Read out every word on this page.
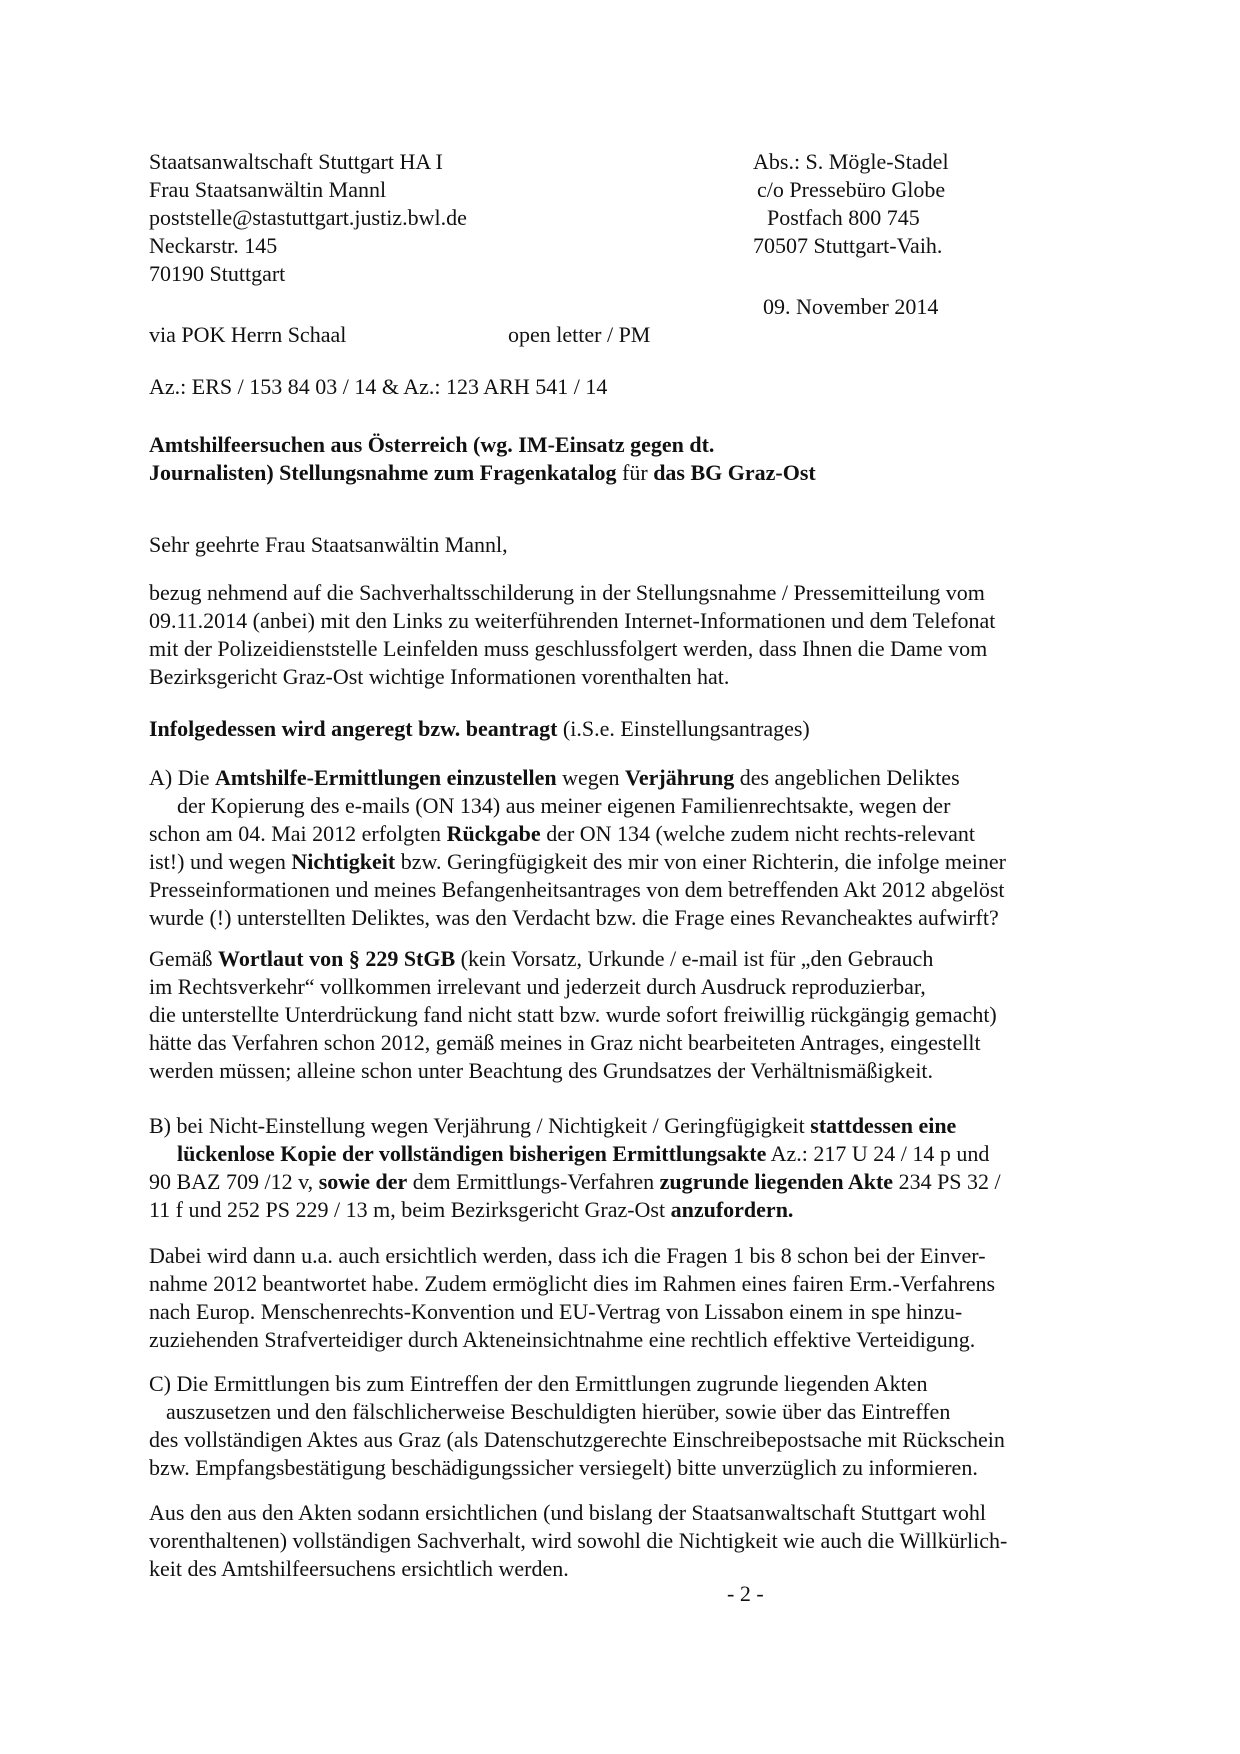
Staatsanwaltschaft Stuttgart HA I
Frau Staatsanwältin Mannl
poststelle@stastuttgart.justiz.bwl.de
Neckarstr. 145
70190 Stuttgart
Abs.: S. Mögle-Stadel
c/o Pressebüro Globe
Postfach 800 745
70507 Stuttgart-Vaih.
09. November 2014
via POK Herrn Schaal	open letter / PM
Az.: ERS / 153 84 03 / 14 & Az.: 123 ARH 541 / 14
Amtshilfeersuchen aus Österreich (wg. IM-Einsatz gegen dt.
Journalisten) Stellungsnahme zum Fragenkatalog für das BG Graz-Ost
Sehr geehrte Frau Staatsanwältin Mannl,
bezug nehmend auf die Sachverhaltsschilderung in der Stellungsnahme / Pressemitteilung vom
09.11.2014 (anbei) mit den Links zu weiterführenden Internet-Informationen und dem Telefonat
mit der Polizeidienststelle Leinfelden muss geschlussfolgert werden, dass Ihnen die Dame vom
Bezirksgericht Graz-Ost wichtige Informationen vorenthalten hat.
Infolgedessen wird angeregt bzw. beantragt (i.S.e. Einstellungsantrages)
A) Die Amtshilfe-Ermittlungen einzustellen wegen Verjährung des angeblichen Deliktes
der Kopierung des e-mails (ON 134) aus meiner eigenen Familienrechtsakte, wegen der
schon am 04. Mai 2012 erfolgten Rückgabe der ON 134 (welche zudem nicht rechts-relevant
ist!) und wegen Nichtigkeit bzw. Geringfügigkeit des mir von einer Richterin, die infolge meiner
Presseinformationen und meines Befangenheitsantrages von dem betreffenden Akt 2012 abgelöst
wurde (!) unterstellten Deliktes, was den Verdacht bzw. die Frage eines Revancheaktes aufwirft?
Gemäß Wortlaut von § 229 StGB (kein Vorsatz, Urkunde / e-mail ist für „den Gebrauch
im Rechtsverkehr“ vollkommen irrelevant und jederzeit durch Ausdruck reproduzierbar,
die unterstellte Unterdrückung fand nicht statt bzw. wurde sofort freiwillig rückgängig gemacht)
hätte das Verfahren schon 2012, gemäß meines in Graz nicht bearbeiteten Antrages, eingestellt
werden müssen; alleine schon unter Beachtung des Grundsatzes der Verhältnismäßigkeit.
B) bei Nicht-Einstellung wegen Verjährung / Nichtigkeit / Geringfügigkeit stattdessen eine
lückenlose Kopie der vollständigen bisherigen Ermittlungsakte Az.: 217 U 24 / 14 p und
90 BAZ 709 /12 v, sowie der dem Ermittlungs-Verfahren zugrunde liegenden Akte 234 PS 32 /
11 f und 252 PS 229 / 13 m, beim Bezirksgericht Graz-Ost anzufordern.
Dabei wird dann u.a. auch ersichtlich werden, dass ich die Fragen 1 bis 8 schon bei der Einver-
nahme 2012 beantwortet habe. Zudem ermöglicht dies im Rahmen eines fairen Erm.-Verfahrens
nach Europ. Menschenrechts-Konvention und EU-Vertrag von Lissabon einem in spe hinzu-
zuziehenden Strafverteidiger durch Akteneinsichtnahme eine rechtlich effektive Verteidigung.
C) Die Ermittlungen bis zum Eintreffen der den Ermittlungen zugrunde liegenden Akten
auszusetzen und den fälschlicherweise Beschuldigten hierüber, sowie über das Eintreffen
des vollständigen Aktes aus Graz (als Datenschutzgerechte Einschreibepostsache mit Rückschein
bzw. Empfangsbestätigung beschädigungssicher versiegelt) bitte unverzüglich zu informieren.
Aus den aus den Akten sodann ersichtlichen (und bislang der Staatsanwaltschaft Stuttgart wohl
vorenthaltenen) vollständigen Sachverhalt, wird sowohl die Nichtigkeit wie auch die Willkürlich-
keit des Amtshilfeersuchens ersichtlich werden.
- 2 -
